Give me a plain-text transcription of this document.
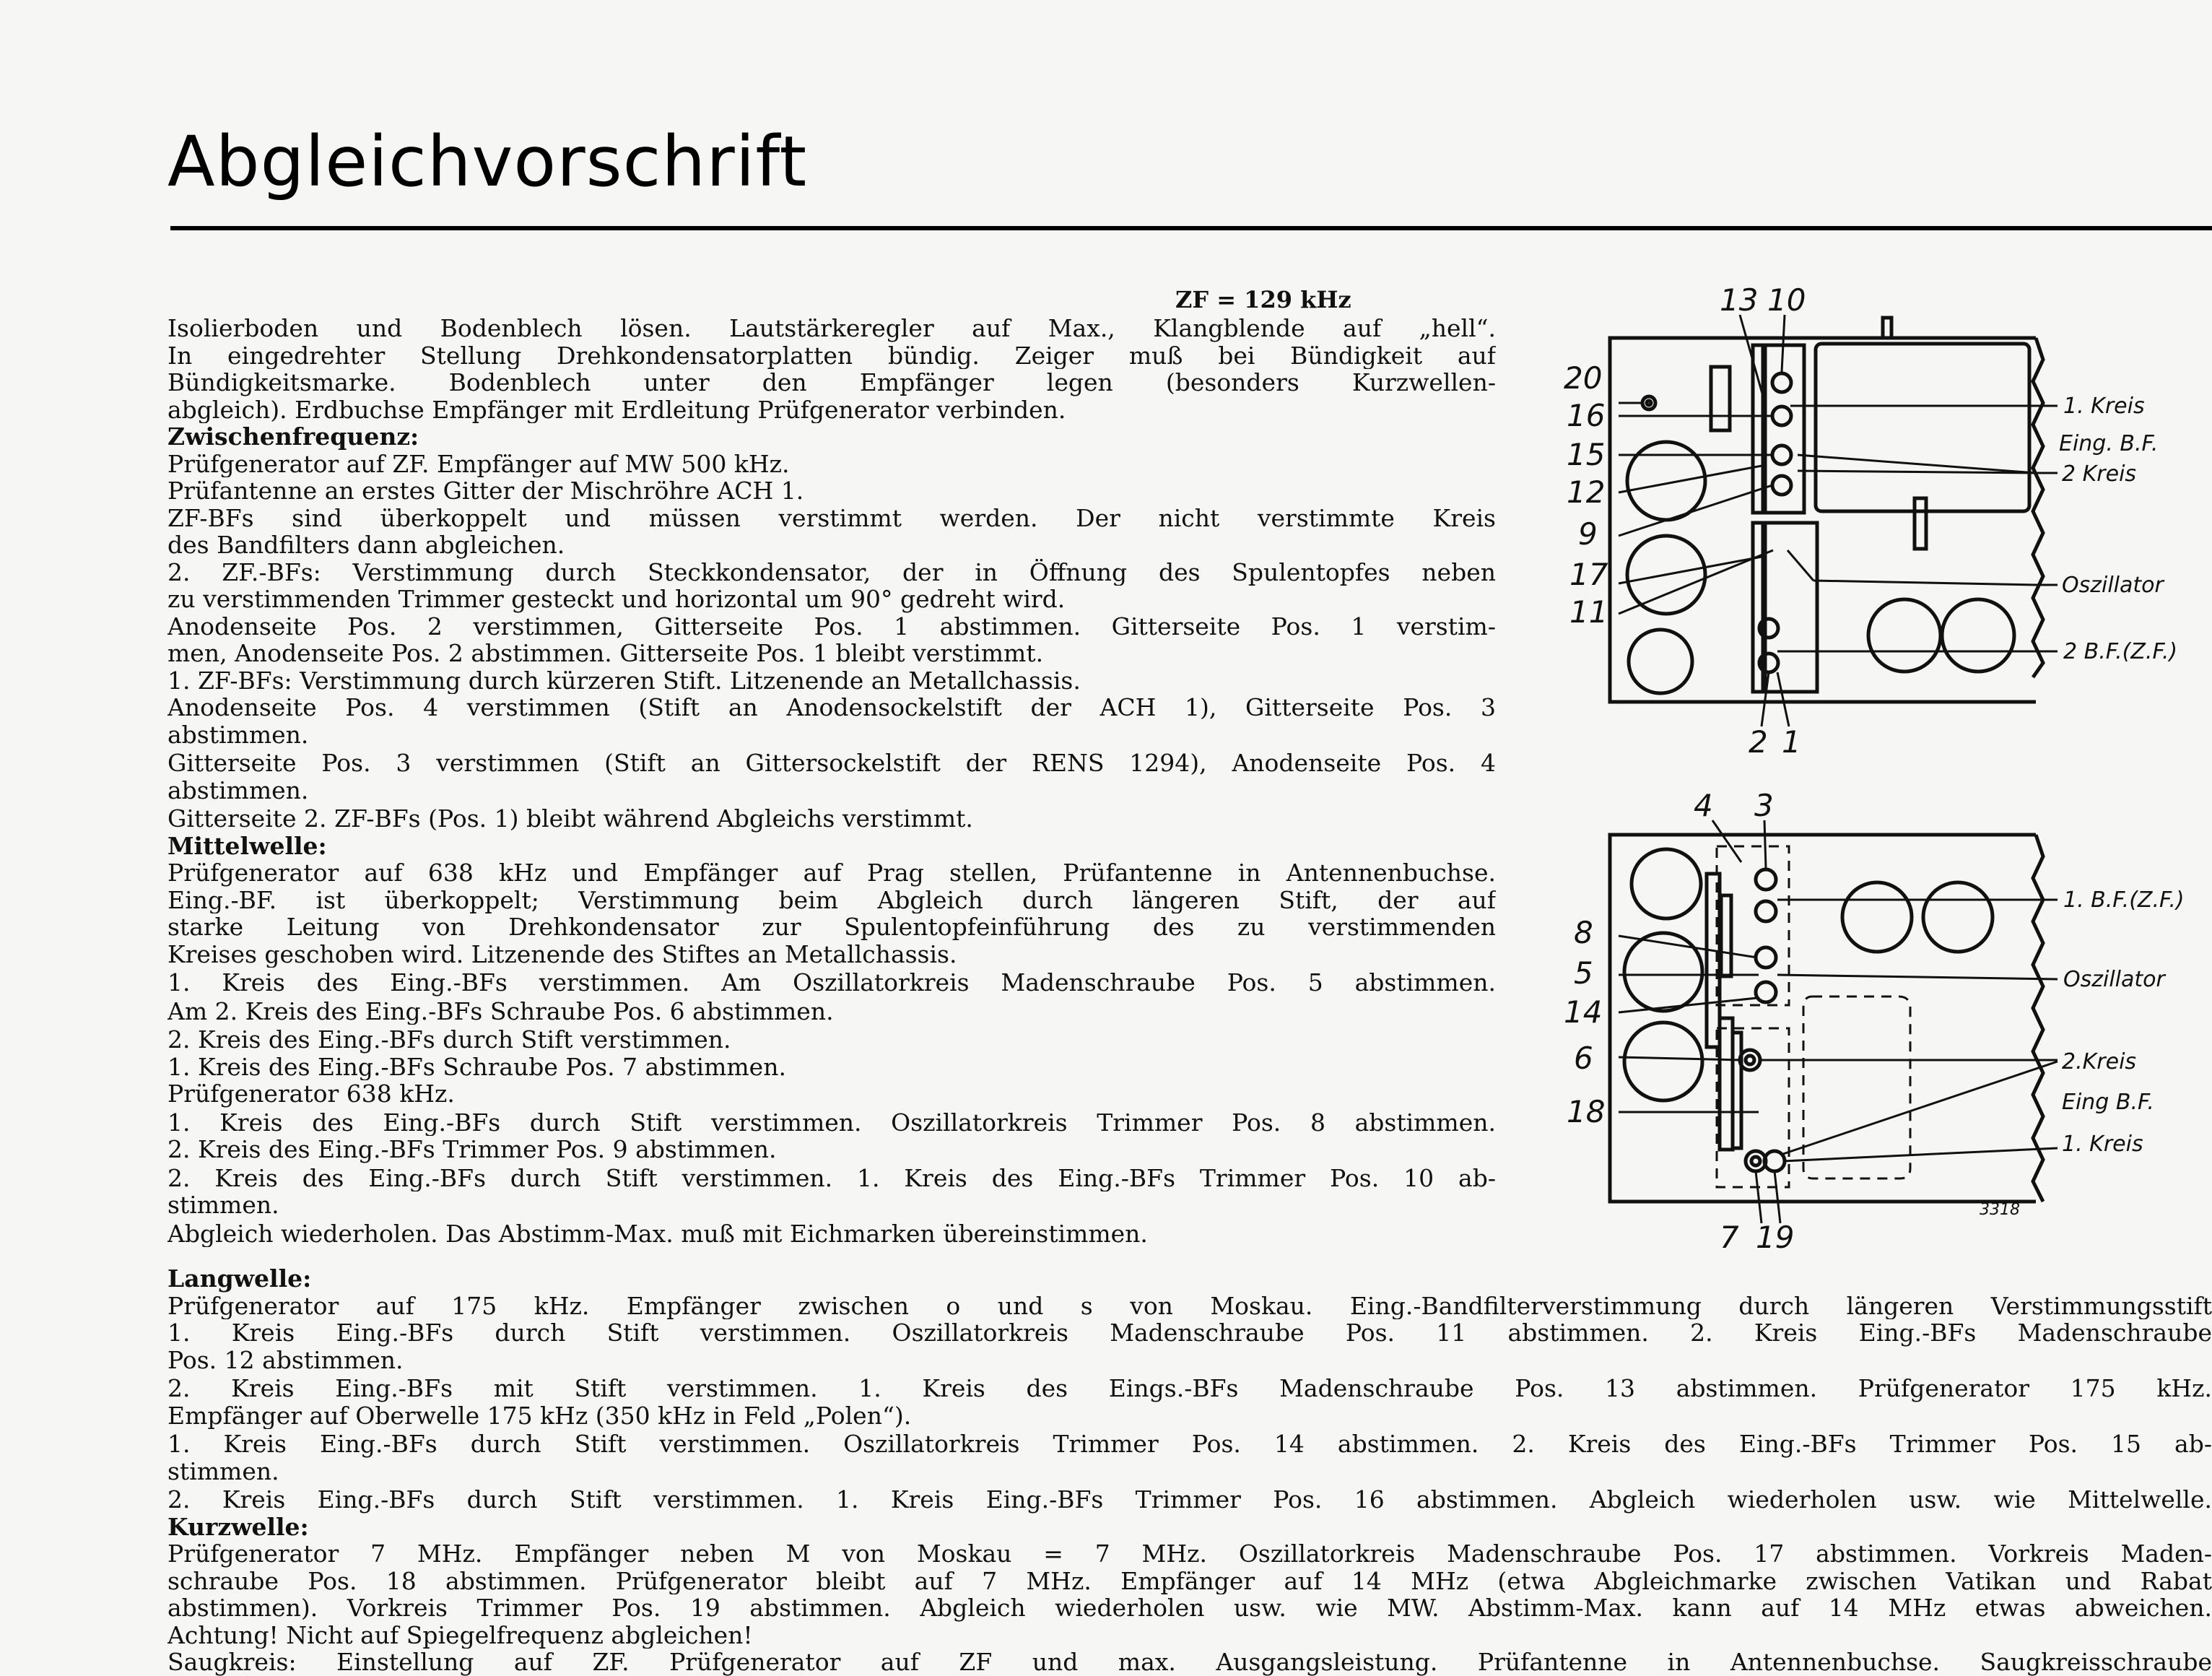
Abgleichvorschrift
ZF = 129 kHz
Isolierboden und Bodenblech lösen. Lautstärkeregler auf Max., Klangblende auf „hell“.
In eingedrehter Stellung Drehkondensatorplatten bündig. Zeiger muß bei Bündigkeit auf
Bündigkeitsmarke. Bodenblech unter den Empfänger legen (besonders Kurzwellen-
abgleich). Erdbuchse Empfänger mit Erdleitung Prüfgenerator verbinden.
Zwischenfrequenz:
Prüfgenerator auf ZF. Empfänger auf MW 500 kHz.
Prüfantenne an erstes Gitter der Mischröhre ACH 1.
ZF-BFs sind überkoppelt und müssen verstimmt werden. Der nicht verstimmte Kreis
des Bandfilters dann abgleichen.
2. ZF.-BFs: Verstimmung durch Steckkondensator, der in Öffnung des Spulentopfes neben
zu verstimmenden Trimmer gesteckt und horizontal um 90° gedreht wird.
Anodenseite Pos. 2 verstimmen, Gitterseite Pos. 1 abstimmen. Gitterseite Pos. 1 verstim-
men, Anodenseite Pos. 2 abstimmen. Gitterseite Pos. 1 bleibt verstimmt.
1. ZF-BFs: Verstimmung durch kürzeren Stift. Litzenende an Metallchassis.
Anodenseite Pos. 4 verstimmen (Stift an Anodensockelstift der ACH 1), Gitterseite Pos. 3
abstimmen.
Gitterseite Pos. 3 verstimmen (Stift an Gittersockelstift der RENS 1294), Anodenseite Pos. 4
abstimmen.
Gitterseite 2. ZF-BFs (Pos. 1) bleibt während Abgleichs verstimmt.
Mittelwelle:
Prüfgenerator auf 638 kHz und Empfänger auf Prag stellen, Prüfantenne in Antennenbuchse.
Eing.-BF. ist überkoppelt; Verstimmung beim Abgleich durch längeren Stift, der auf
starke Leitung von Drehkondensator zur Spulentopfeinführung des zu verstimmenden
Kreises geschoben wird. Litzenende des Stiftes an Metallchassis.
1. Kreis des Eing.-BFs verstimmen. Am Oszillatorkreis Madenschraube Pos. 5 abstimmen.
Am 2. Kreis des Eing.-BFs Schraube Pos. 6 abstimmen.
2. Kreis des Eing.-BFs durch Stift verstimmen.
1. Kreis des Eing.-BFs Schraube Pos. 7 abstimmen.
Prüfgenerator 638 kHz.
1. Kreis des Eing.-BFs durch Stift verstimmen. Oszillatorkreis Trimmer Pos. 8 abstimmen.
2. Kreis des Eing.-BFs Trimmer Pos. 9 abstimmen.
2. Kreis des Eing.-BFs durch Stift verstimmen. 1. Kreis des Eing.-BFs Trimmer Pos. 10 ab-
stimmen.
Abgleich wiederholen. Das Abstimm-Max. muß mit Eichmarken übereinstimmen.
Langwelle:
Prüfgenerator auf 175 kHz. Empfänger zwischen o und s von Moskau. Eing.-Bandfilterverstimmung durch längeren Verstimmungsstift
1. Kreis Eing.-BFs durch Stift verstimmen. Oszillatorkreis Madenschraube Pos. 11 abstimmen. 2. Kreis Eing.-BFs Madenschraube
Pos. 12 abstimmen.
2. Kreis Eing.-BFs mit Stift verstimmen. 1. Kreis des Eings.-BFs Madenschraube Pos. 13 abstimmen. Prüfgenerator 175 kHz.
Empfänger auf Oberwelle 175 kHz (350 kHz in Feld „Polen“).
1. Kreis Eing.-BFs durch Stift verstimmen. Oszillatorkreis Trimmer Pos. 14 abstimmen. 2. Kreis des Eing.-BFs Trimmer Pos. 15 ab-
stimmen.
2. Kreis Eing.-BFs durch Stift verstimmen. 1. Kreis Eing.-BFs Trimmer Pos. 16 abstimmen. Abgleich wiederholen usw. wie Mittelwelle.
Kurzwelle:
Prüfgenerator 7 MHz. Empfänger neben M von Moskau = 7 MHz. Oszillatorkreis Madenschraube Pos. 17 abstimmen. Vorkreis Maden-
schraube Pos. 18 abstimmen. Prüfgenerator bleibt auf 7 MHz. Empfänger auf 14 MHz (etwa Abgleichmarke zwischen Vatikan und Rabat
abstimmen). Vorkreis Trimmer Pos. 19 abstimmen. Abgleich wiederholen usw. wie MW. Abstimm-Max. kann auf 14 MHz etwas abweichen.
Achtung! Nicht auf Spiegelfrequenz abgleichen!
Saugkreis: Einstellung auf ZF. Prüfgenerator auf ZF und max. Ausgangsleistung. Prüfantenne in Antennenbuchse. Saugkreisschraube
13 10
20
16
15
12
9
17
11
2 1
1. Kreis
Eing. B.F.
2 Kreis
Oszillator
2 B.F.(Z.F.)
4 3
8
5
14
6
18
7 19
1. B.F.(Z.F.)
Oszillator
2.Kreis
Eing B.F.
1. Kreis
3318
